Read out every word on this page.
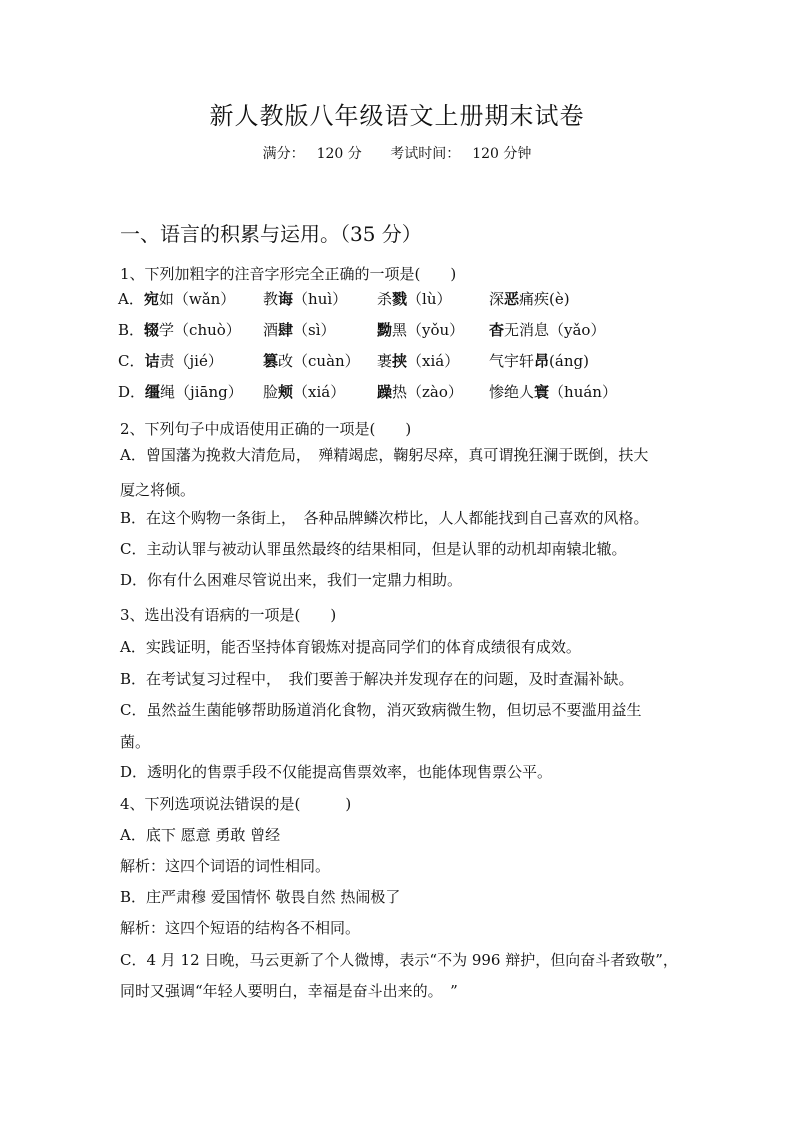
新人教版八年级语文上册期末试卷
满分： 120 分 考试时间： 120 分钟
一、语言的积累与运用。（35 分）
1、下列加粗字的注音字形完全正确的一项是(　　)
A．宛如（wǎn） 教诲（huì） 杀戮（lù）	深恶痛疾(è)
B．辍学（chuò） 酒肆（sì）	黝黑（yǒu） 杳无消息（yǎo）
C．诘责（jié）	篡改（cuàn） 裹挟（xiá） 气宇轩昂(áng)
D．缰绳（jiāng） 脸颊（xiá） 躁热（zào） 惨绝人寰（huán）
2、下列句子中成语使用正确的一项是(　　)
A．曾国藩为挽救大清危局，　殚精竭虑，鞠躬尽瘁，真可谓挽狂澜于既倒，扶大
厦之将倾。
B．在这个购物一条街上，　各种品牌鳞次栉比，人人都能找到自己喜欢的风格。
C．主动认罪与被动认罪虽然最终的结果相同，但是认罪的动机却南辕北辙。
D．你有什么困难尽管说出来，我们一定鼎力相助。
3、选出没有语病的一项是(　　)
A．实践证明，能否坚持体育锻炼对提高同学们的体育成绩很有成效。
B．在考试复习过程中，　我们要善于解决并发现存在的问题，及时查漏补缺。
C．虽然益生菌能够帮助肠道消化食物，消灭致病微生物，但切忌不要滥用益生
菌。
D．透明化的售票手段不仅能提高售票效率，也能体现售票公平。
4、下列选项说法错误的是(　　　)
A．底下 愿意 勇敢 曾经
解析：这四个词语的词性相同。
B．庄严肃穆 爱国情怀 敬畏自然 热闹极了
解析：这四个短语的结构各不相同。
C．4 月 12 日晚，马云更新了个人微博，表示“不为 996 辩护，但向奋斗者致敬”，
同时又强调“年轻人要明白，幸福是奋斗出来的。　”
